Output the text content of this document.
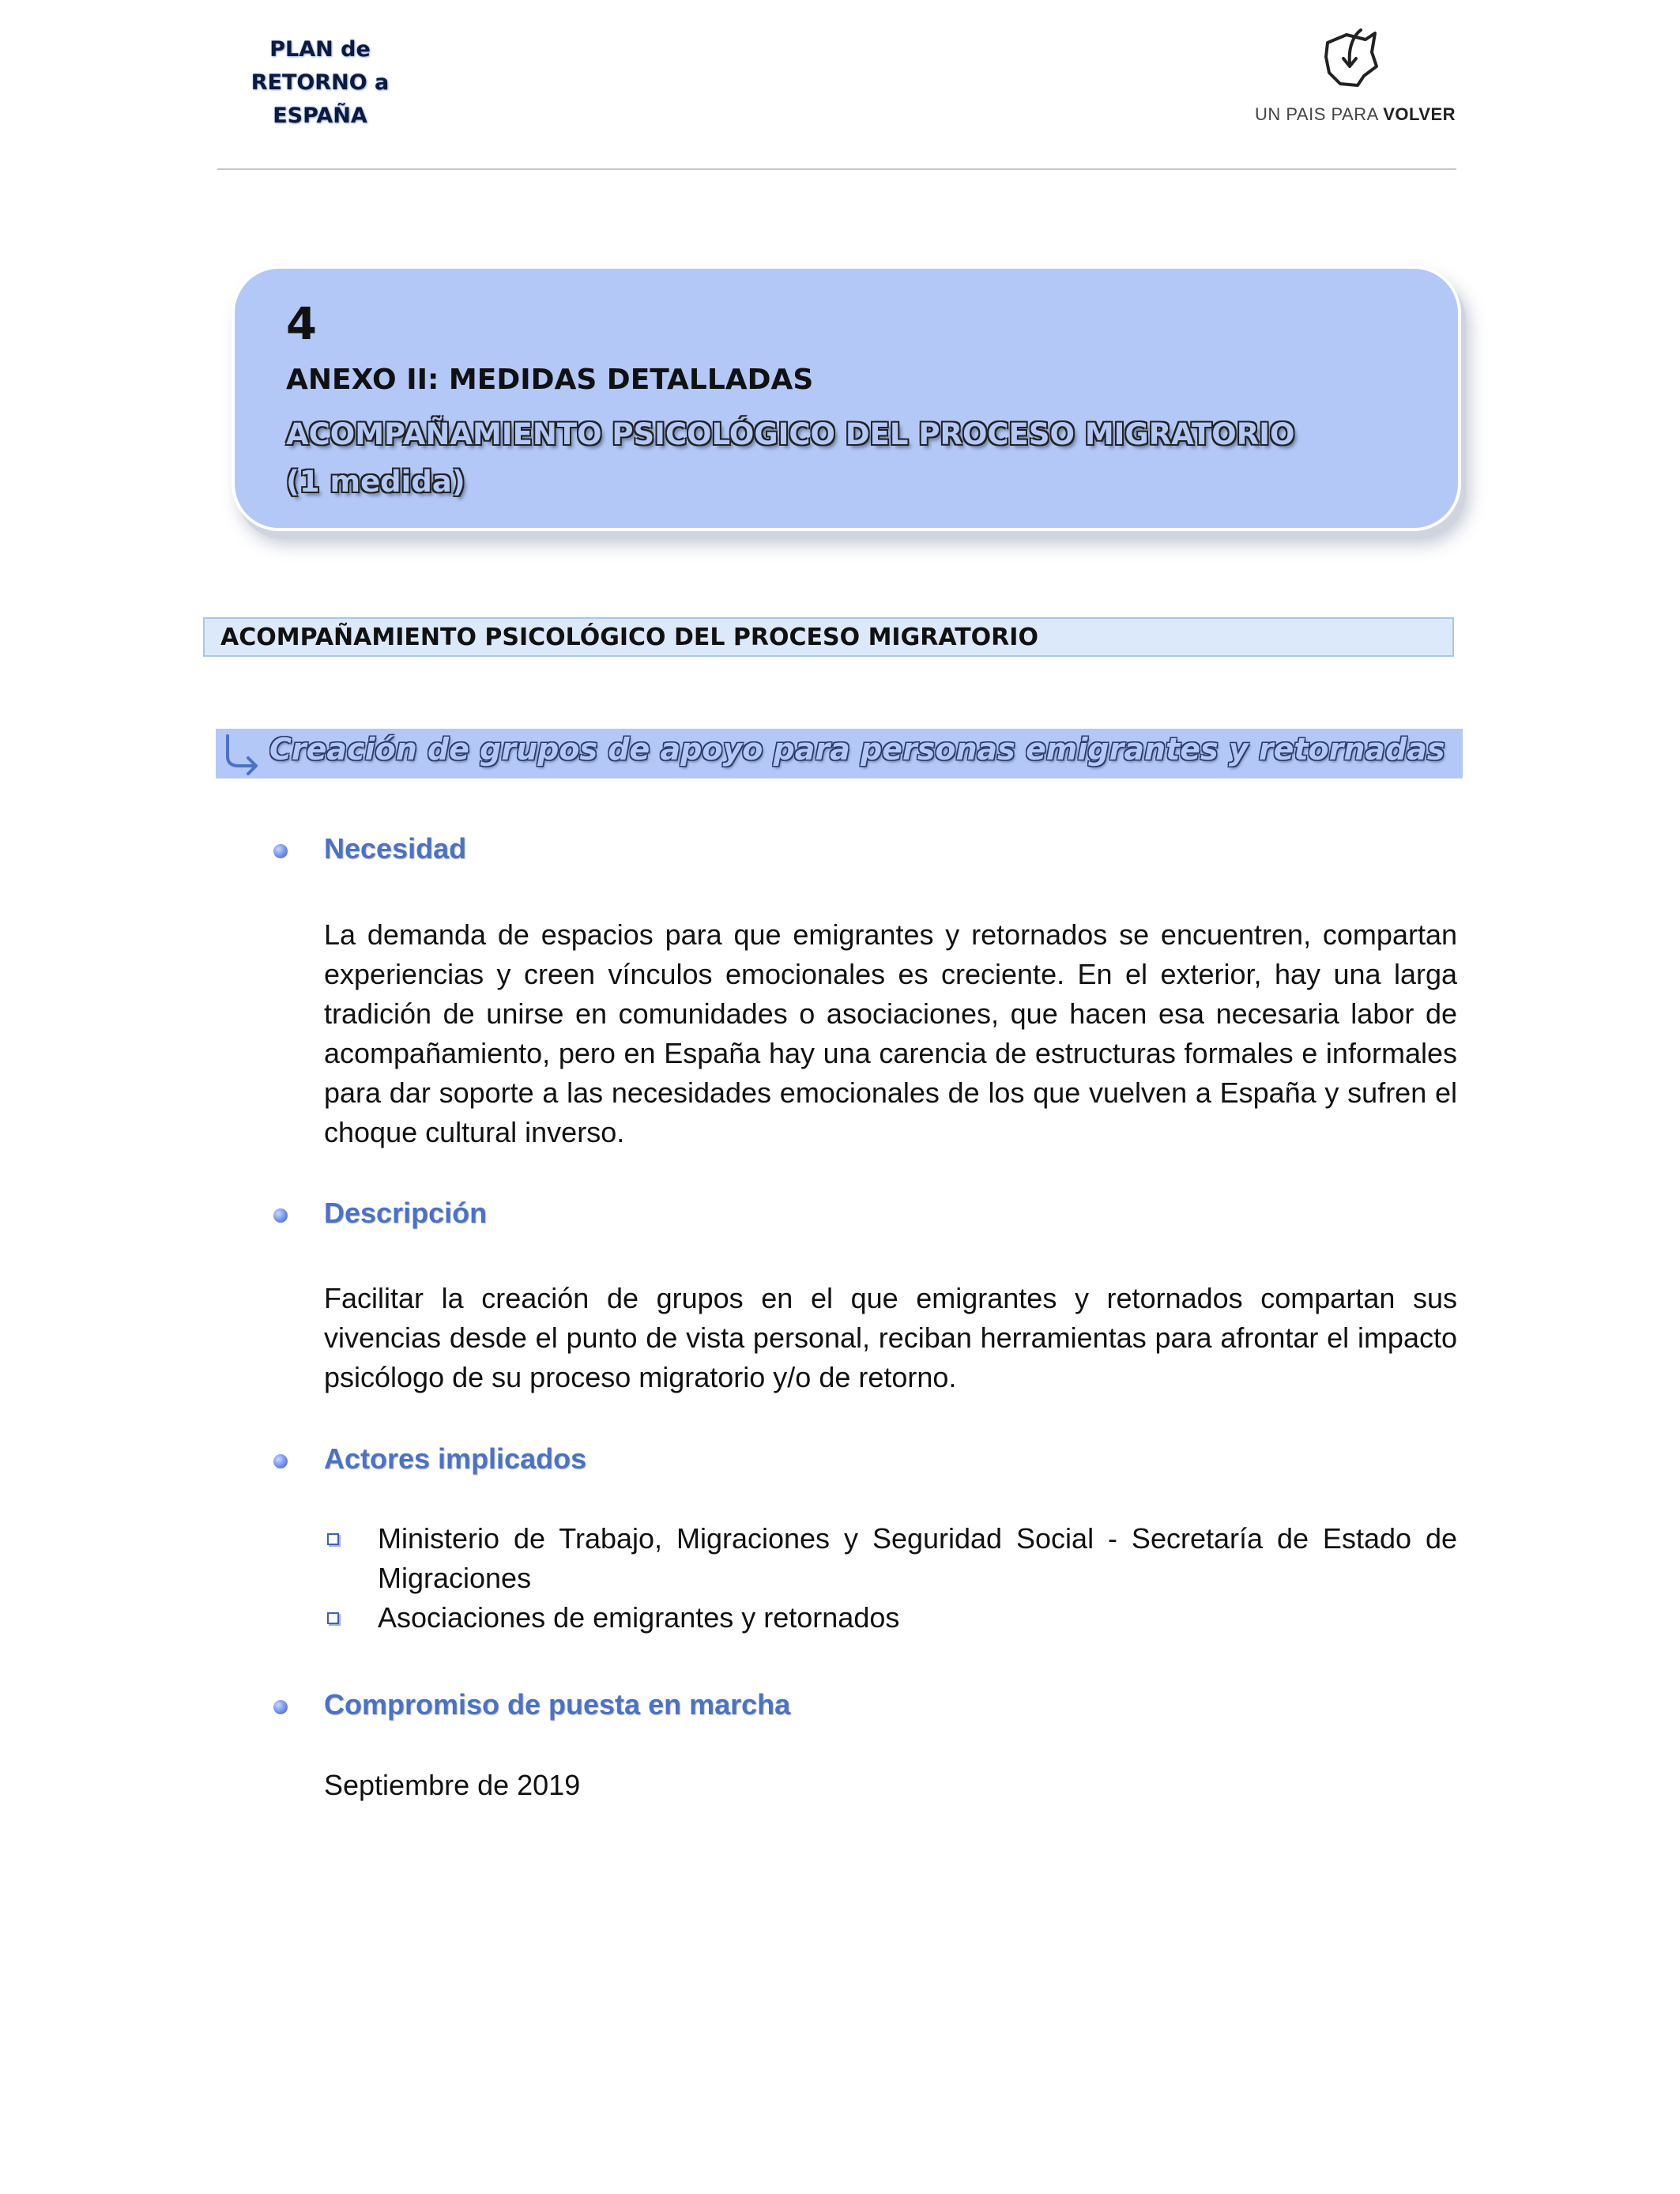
PLAN de
RETORNO a
ESPAÑA	UN PAIS PARA VOLVER
4
ANEXO II: MEDIDAS DETALLADAS
ACOMPAÑAMIENTO PSICOLÓGICO DEL PROCESO MIGRATORIO
(1 medida)
ACOMPAÑAMIENTO PSICOLÓGICO DEL PROCESO MIGRATORIO
Creación de grupos de apoyo para personas emigrantes y retornadas
Necesidad

La demanda de espacios para que emigrantes y retornados se encuentren, compartan experiencias y creen vínculos emocionales es creciente. En el exterior, hay una larga tradición de unirse en comunidades o asociaciones, que hacen esa necesaria labor de acompañamiento, pero en España hay una carencia de estructuras formales e informales para dar soporte a las necesidades emocionales de los que vuelven a España y sufren el choque cultural inverso.

Descripción

Facilitar la creación de grupos en el que emigrantes y retornados compartan sus vivencias desde el punto de vista personal, reciban herramientas para afrontar el impacto psicólogo de su proceso migratorio y/o de retorno.

Actores implicados
Ministerio de Trabajo, Migraciones y Seguridad Social - Secretaría de Estado de Migraciones
Asociaciones de emigrantes y retornados
Compromiso de puesta en marcha

Septiembre de 2019
